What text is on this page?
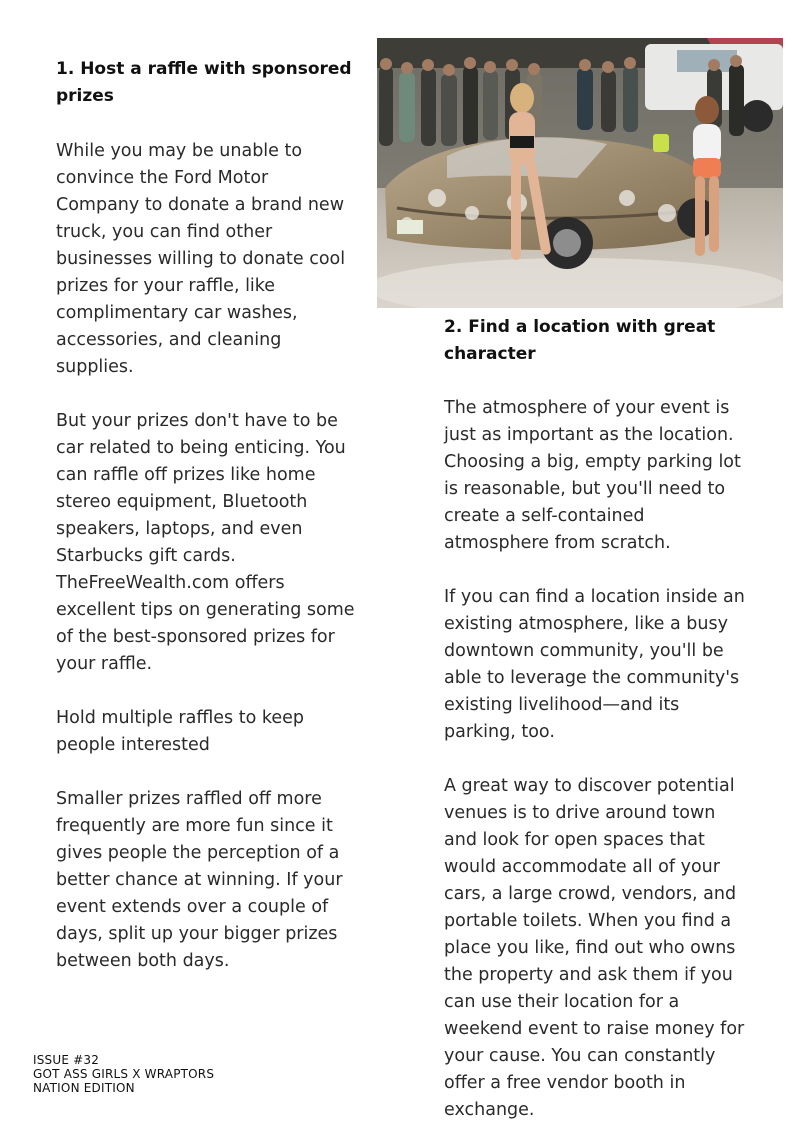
1. Host a raffle with sponsored
prizes

While you may be unable to
convince the Ford Motor
Company to donate a brand new
truck, you can find other
businesses willing to donate cool
prizes for your raffle, like
complimentary car washes,
accessories, and cleaning
supplies.

But your prizes don't have to be
car related to being enticing. You
can raffle off prizes like home
stereo equipment, Bluetooth
speakers, laptops, and even
Starbucks gift cards.
TheFreeWealth.com offers
excellent tips on generating some
of the best-sponsored prizes for
your raffle.

Hold multiple raffles to keep
people interested

Smaller prizes raffled off more
frequently are more fun since it
gives people the perception of a
better chance at winning. If your
event extends over a couple of
days, split up your bigger prizes
between both days.

2. Find a location with great
character

The atmosphere of your event is
just as important as the location.
Choosing a big, empty parking lot
is reasonable, but you'll need to
create a self-contained
atmosphere from scratch.

If you can find a location inside an
existing atmosphere, like a busy
downtown community, you'll be
able to leverage the community's
existing livelihood—and its
parking, too.

A great way to discover potential
venues is to drive around town
and look for open spaces that
would accommodate all of your
cars, a large crowd, vendors, and
portable toilets. When you find a
place you like, find out who owns
the property and ask them if you
can use their location for a
weekend event to raise money for
your cause. You can constantly
offer a free vendor booth in
exchange.

ISSUE #32
GOT ASS GIRLS X WRAPTORS
NATION EDITION
